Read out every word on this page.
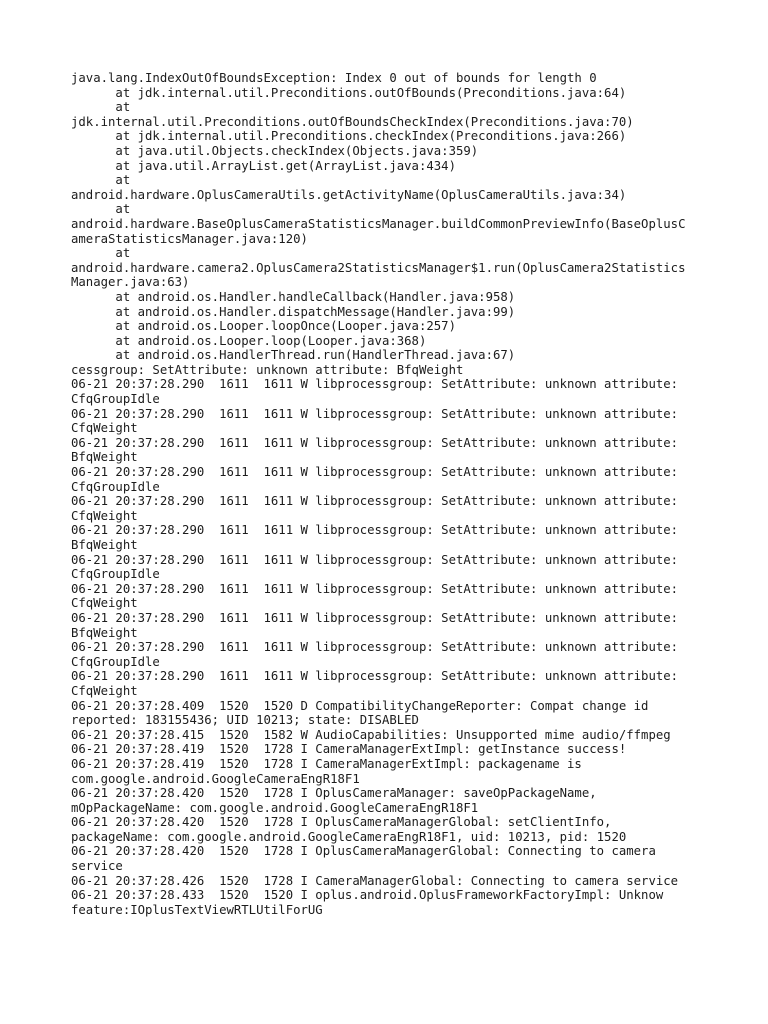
java.lang.IndexOutOfBoundsException: Index 0 out of bounds for length 0
at jdk.internal.util.Preconditions.outOfBounds(Preconditions.java:64)
at
jdk.internal.util.Preconditions.outOfBoundsCheckIndex(Preconditions.java:70)
at jdk.internal.util.Preconditions.checkIndex(Preconditions.java:266)
at java.util.Objects.checkIndex(Objects.java:359)
at java.util.ArrayList.get(ArrayList.java:434)
at
android.hardware.OplusCameraUtils.getActivityName(OplusCameraUtils.java:34)
at
android.hardware.BaseOplusCameraStatisticsManager.buildCommonPreviewInfo(BaseOplusC
ameraStatisticsManager.java:120)
at
android.hardware.camera2.OplusCamera2StatisticsManager$1.run(OplusCamera2Statistics
Manager.java:63)
at android.os.Handler.handleCallback(Handler.java:958)
at android.os.Handler.dispatchMessage(Handler.java:99)
at android.os.Looper.loopOnce(Looper.java:257)
at android.os.Looper.loop(Looper.java:368)
at android.os.HandlerThread.run(HandlerThread.java:67)
cessgroup: SetAttribute: unknown attribute: BfqWeight
06-21 20:37:28.290  1611  1611 W libprocessgroup: SetAttribute: unknown attribute:
CfqGroupIdle
06-21 20:37:28.290  1611  1611 W libprocessgroup: SetAttribute: unknown attribute:
CfqWeight
06-21 20:37:28.290  1611  1611 W libprocessgroup: SetAttribute: unknown attribute:
BfqWeight
06-21 20:37:28.290  1611  1611 W libprocessgroup: SetAttribute: unknown attribute:
CfqGroupIdle
06-21 20:37:28.290  1611  1611 W libprocessgroup: SetAttribute: unknown attribute:
CfqWeight
06-21 20:37:28.290  1611  1611 W libprocessgroup: SetAttribute: unknown attribute:
BfqWeight
06-21 20:37:28.290  1611  1611 W libprocessgroup: SetAttribute: unknown attribute:
CfqGroupIdle
06-21 20:37:28.290  1611  1611 W libprocessgroup: SetAttribute: unknown attribute:
CfqWeight
06-21 20:37:28.290  1611  1611 W libprocessgroup: SetAttribute: unknown attribute:
BfqWeight
06-21 20:37:28.290  1611  1611 W libprocessgroup: SetAttribute: unknown attribute:
CfqGroupIdle
06-21 20:37:28.290  1611  1611 W libprocessgroup: SetAttribute: unknown attribute:
CfqWeight
06-21 20:37:28.409  1520  1520 D CompatibilityChangeReporter: Compat change id
reported: 183155436; UID 10213; state: DISABLED
06-21 20:37:28.415  1520  1582 W AudioCapabilities: Unsupported mime audio/ffmpeg
06-21 20:37:28.419  1520  1728 I CameraManagerExtImpl: getInstance success!
06-21 20:37:28.419  1520  1728 I CameraManagerExtImpl: packagename is
com.google.android.GoogleCameraEngR18F1
06-21 20:37:28.420  1520  1728 I OplusCameraManager: saveOpPackageName,
mOpPackageName: com.google.android.GoogleCameraEngR18F1
06-21 20:37:28.420  1520  1728 I OplusCameraManagerGlobal: setClientInfo,
packageName: com.google.android.GoogleCameraEngR18F1, uid: 10213, pid: 1520
06-21 20:37:28.420  1520  1728 I OplusCameraManagerGlobal: Connecting to camera
service
06-21 20:37:28.426  1520  1728 I CameraManagerGlobal: Connecting to camera service
06-21 20:37:28.433  1520  1520 I oplus.android.OplusFrameworkFactoryImpl: Unknow
feature:IOplusTextViewRTLUtilForUG
